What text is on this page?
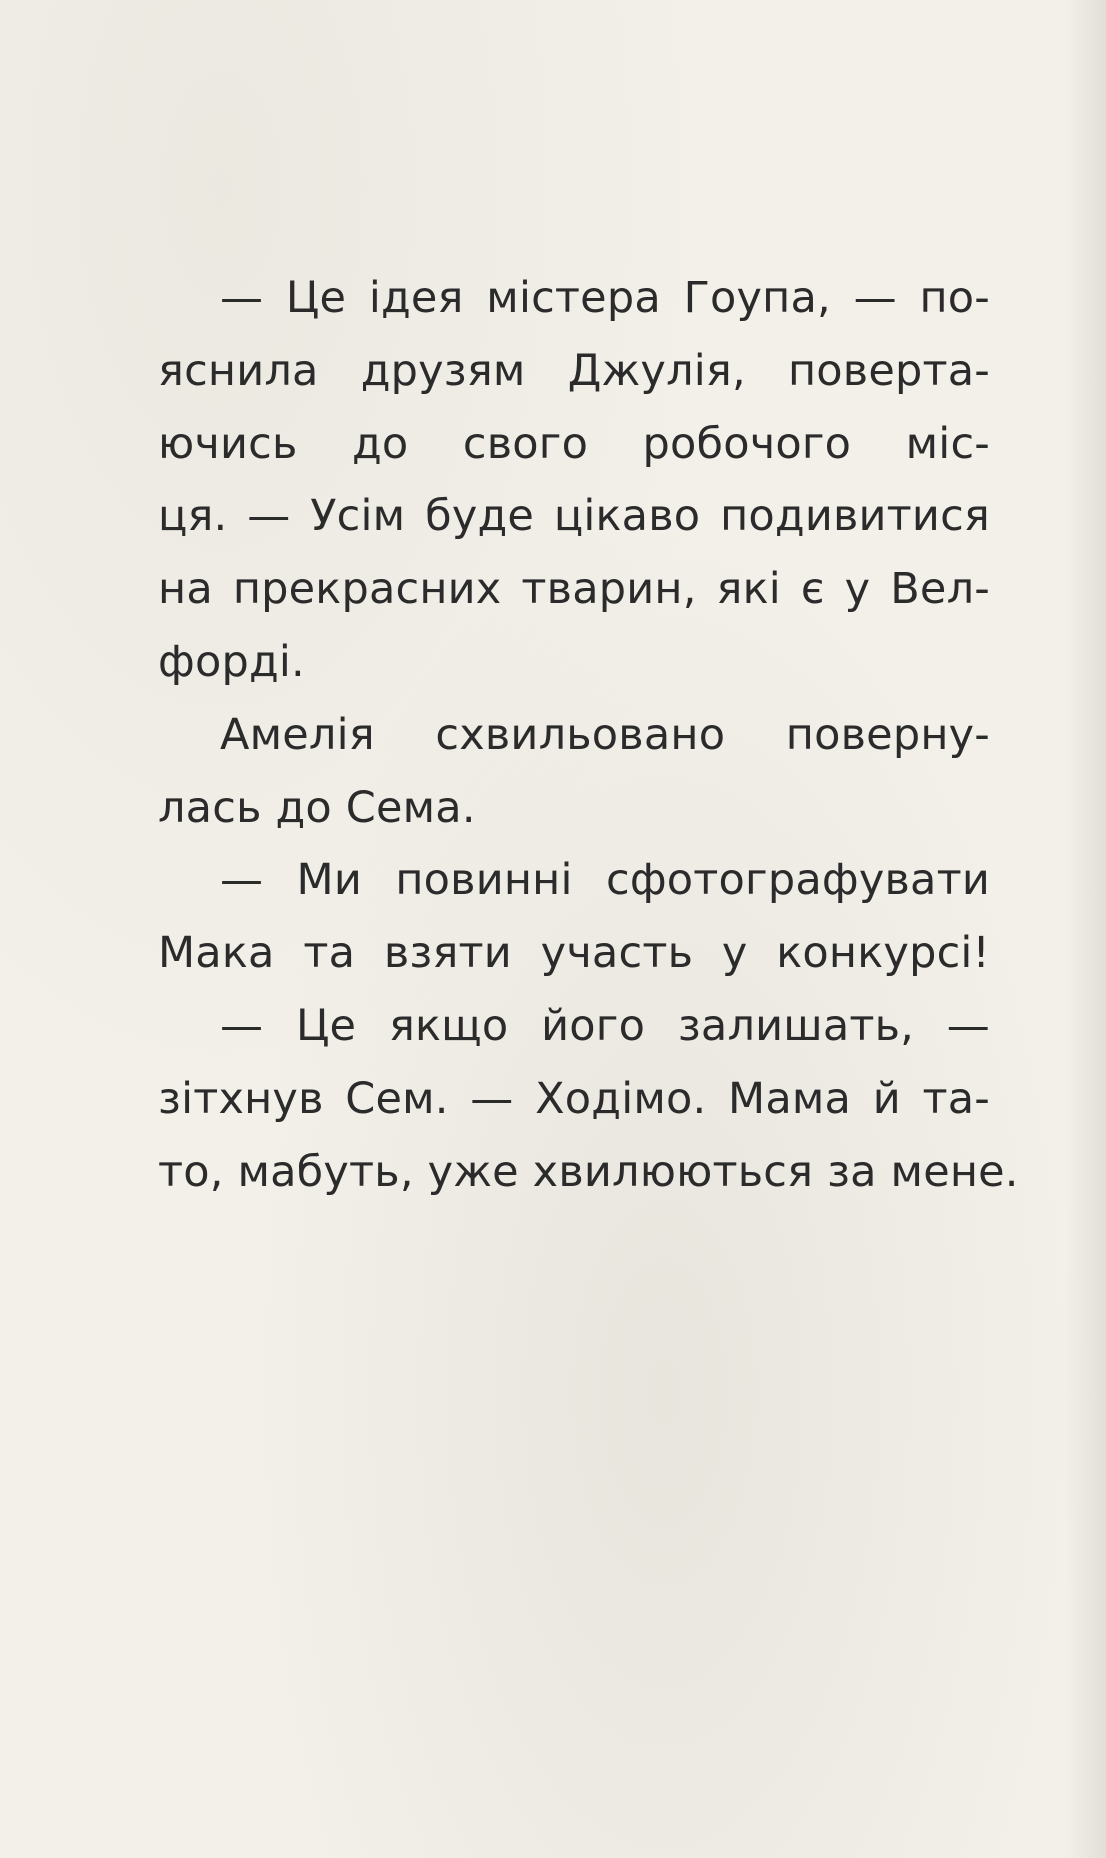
— Це ідея містера Гоупа, — по-
яснила друзям Джулія, поверта-
ючись до свого робочого міс-
ця. — Усім буде цікаво подивитися
на прекрасних тварин, які є у Вел-
форді.
Амелія схвильовано поверну-
лась до Сема.
— Ми повинні сфотографувати
Мака та взяти участь у конкурсі!
— Це якщо його залишать, —
зітхнув Сем. — Ходімо. Мама й та-
то, мабуть, уже хвилюються за мене.
